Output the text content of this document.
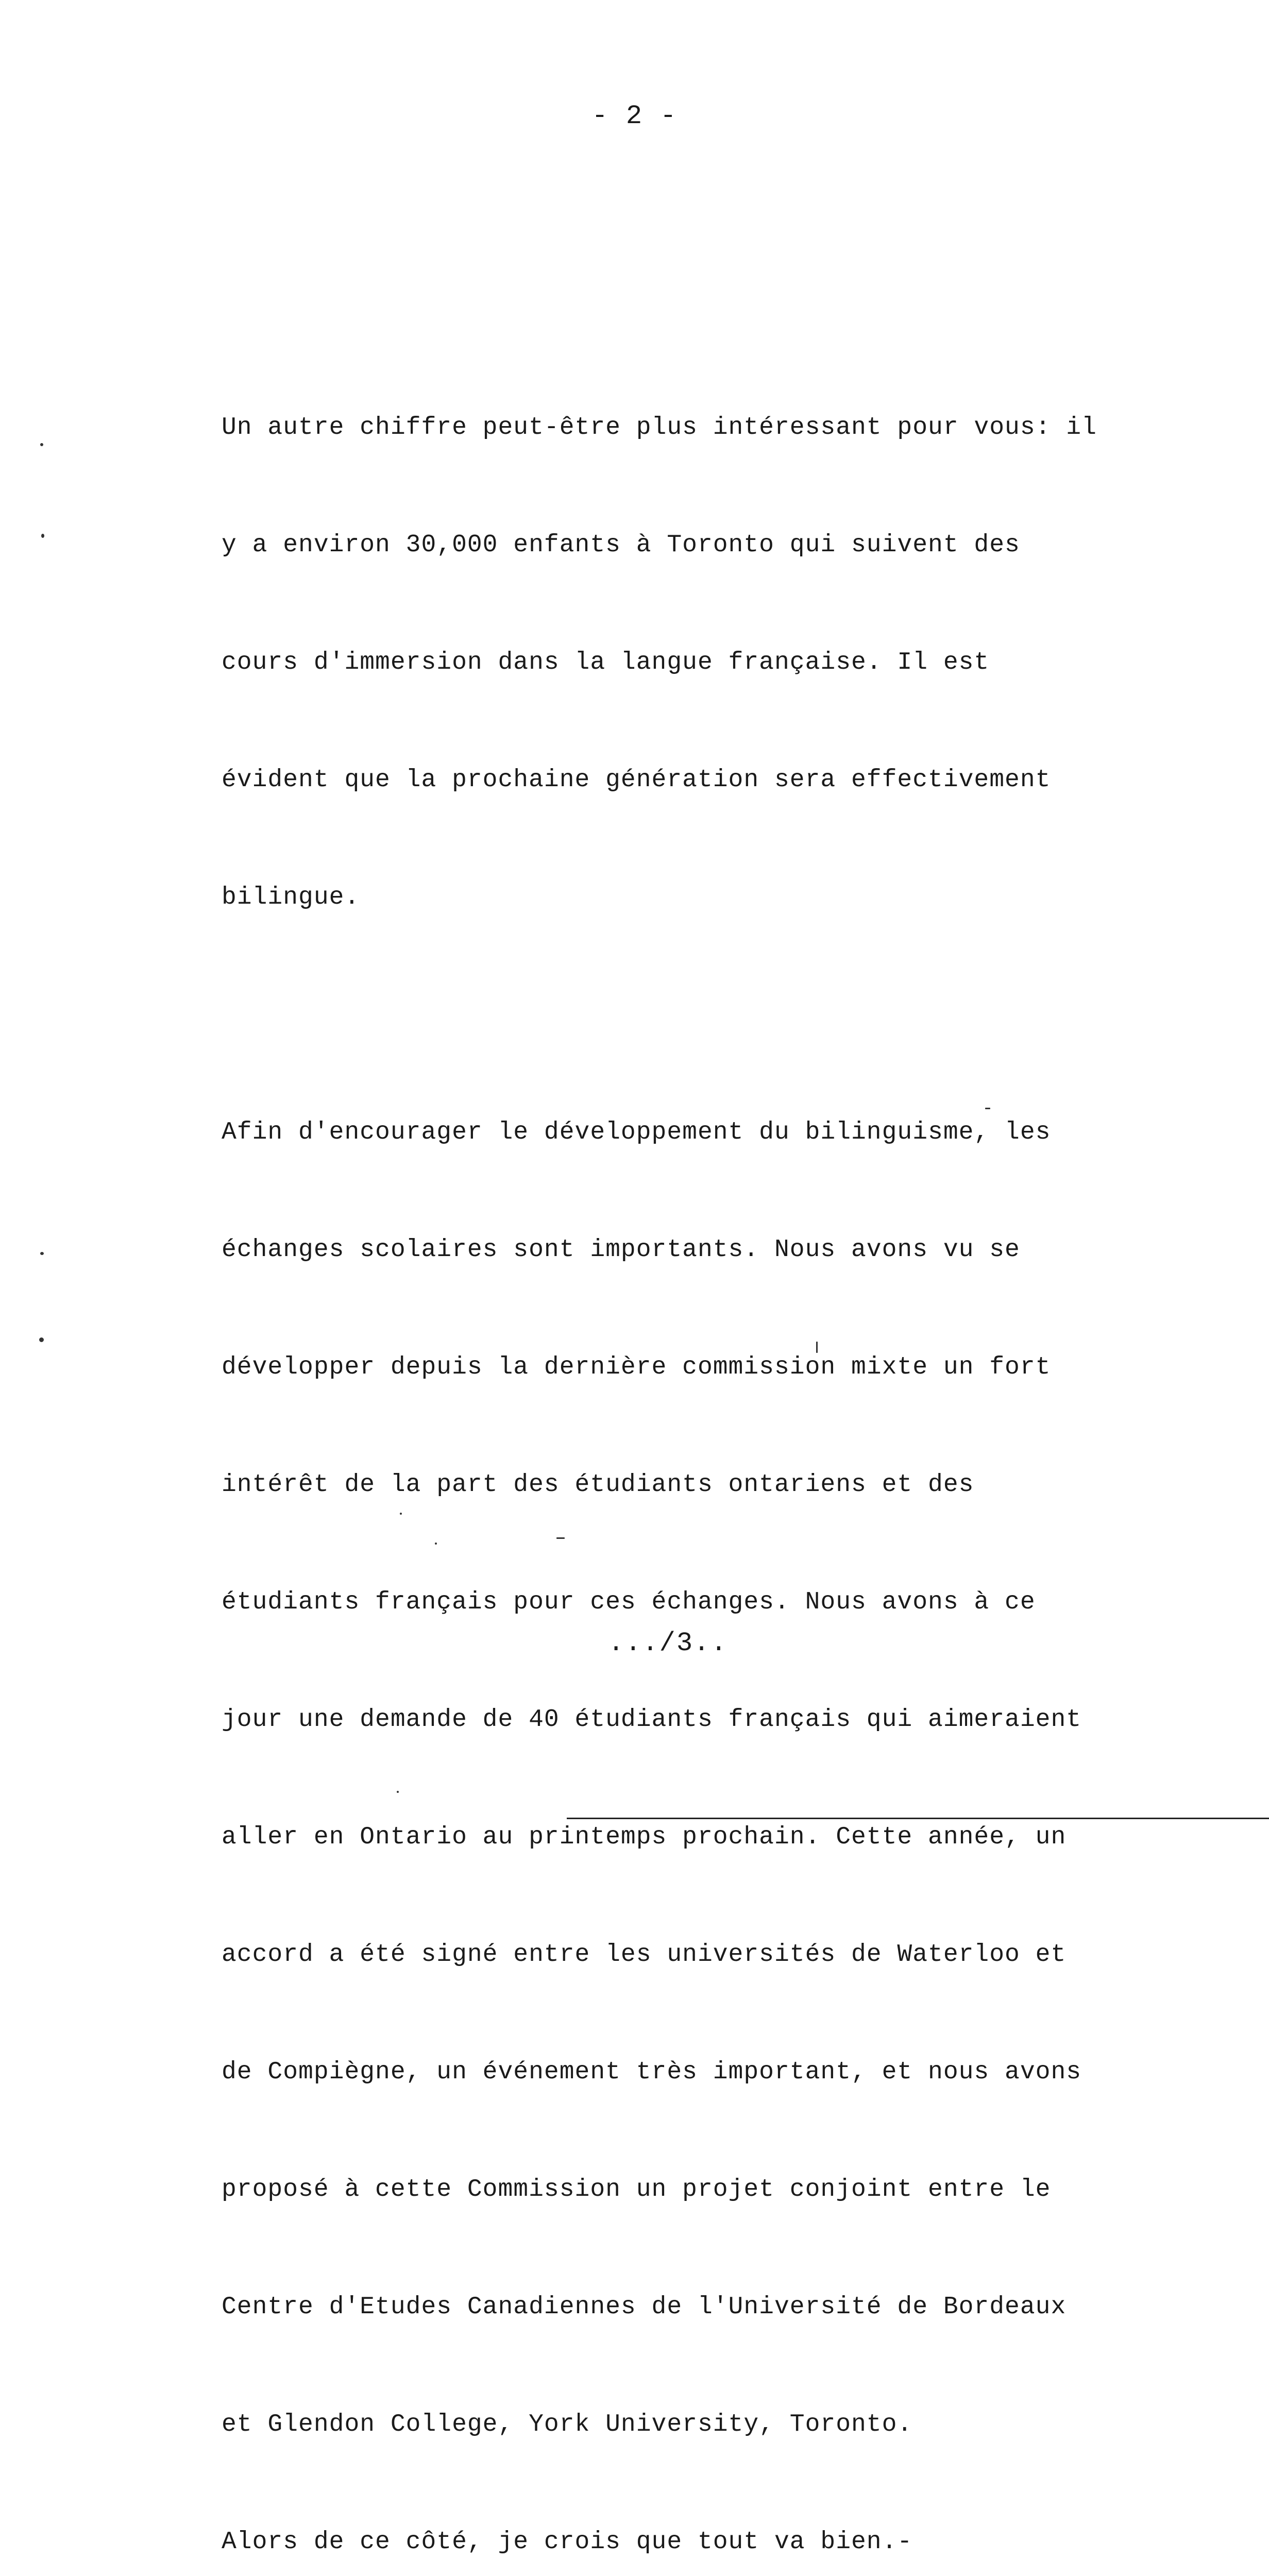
- 2 -

Un autre chiffre peut-être plus intéressant pour vous: il

y a environ 30,000 enfants à Toronto qui suivent des

cours d'immersion dans la langue française. Il est

évident que la prochaine génération sera effectivement

bilingue.

Afin d'encourager le développement du bilinguisme, les

échanges scolaires sont importants. Nous avons vu se

développer depuis la dernière commission mixte un fort

intérêt de la part des étudiants ontariens et des

étudiants français pour ces échanges. Nous avons à ce

jour une demande de 40 étudiants français qui aimeraient

aller en Ontario au printemps prochain. Cette année, un

accord a été signé entre les universités de Waterloo et

de Compiègne, un événement très important, et nous avons

proposé à cette Commission un projet conjoint entre le

Centre d'Etudes Canadiennes de l'Université de Bordeaux

et Glendon College, York University, Toronto.

Alors de ce côté, je crois que tout va bien.-

.../3..
